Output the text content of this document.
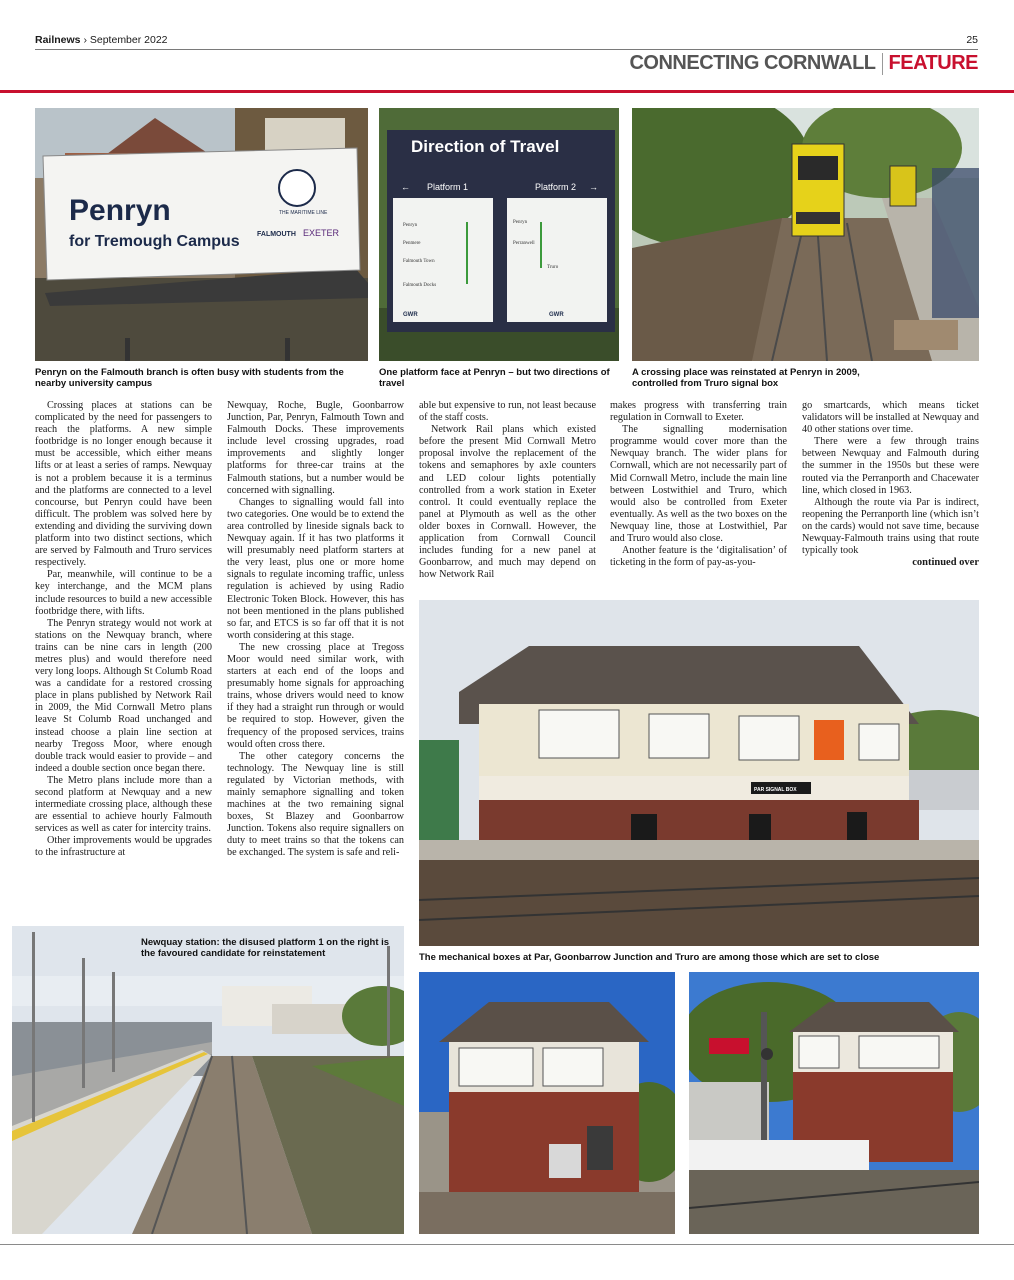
Railnews › September 2022	25
CONNECTING CORNWALL FEATURE
Penryn
for Tremough Campus
THE MARITIME LINE
FALMOUTH EXETER
Penryn on the Falmouth branch is often busy with students from the nearby university campus
Direction of Travel
← Platform 1	Platform 2 →
Penryn
Penmere
Falmouth Town
Falmouth Docks
Penryn
Perranwell
Truro
GWR	GWR
One platform face at Penryn – but two directions of travel
A crossing place was reinstated at Penryn in 2009, controlled from Truro signal box

Crossing places at stations can be complicated by the need for passengers to reach the platforms. A new simple footbridge is no longer enough because it must be accessible, which either means lifts or at least a series of ramps. Newquay is not a problem because it is a terminus and the platforms are connected to a level concourse, but Penryn could have been difficult. The problem was solved here by extending and dividing the surviving down platform into two distinct sections, which are served by Falmouth and Truro services respectively.

Par, meanwhile, will continue to be a key interchange, and the MCM plans include resources to build a new accessible footbridge there, with lifts.

The Penryn strategy would not work at stations on the Newquay branch, where trains can be nine cars in length (200 metres plus) and would therefore need very long loops. Although St Columb Road was a candidate for a restored crossing place in plans published by Network Rail in 2009, the Mid Cornwall Metro plans leave St Columb Road unchanged and instead choose a plain line section at nearby Tregoss Moor, where enough double track would easier to provide – and indeed a double section once began there.

The Metro plans include more than a second platform at Newquay and a new intermediate crossing place, although these are essential to achieve hourly Falmouth services as well as cater for intercity trains.

Other improvements would be upgrades to the infrastructure at

Newquay, Roche, Bugle, Goonbarrow Junction, Par, Penryn, Falmouth Town and Falmouth Docks. These improvements include level crossing upgrades, road improvements and slightly longer platforms for three-car trains at the Falmouth stations, but a number would be concerned with signalling.

Changes to signalling would fall into two categories. One would be to extend the area controlled by lineside signals back to Newquay again. If it has two platforms it will presumably need platform starters at the very least, plus one or more home signals to regulate incoming traffic, unless regulation is achieved by using Radio Electronic Token Block. However, this has not been mentioned in the plans published so far, and ETCS is so far off that it is not worth considering at this stage.

The new crossing place at Tregoss Moor would need similar work, with starters at each end of the loops and presumably home signals for approaching trains, whose drivers would need to know if they had a straight run through or would be required to stop. However, given the frequency of the proposed services, trains would often cross there.

The other category concerns the technology. The Newquay line is still regulated by Victorian methods, with mainly semaphore signalling and token machines at the two remaining signal boxes, St Blazey and Goonbarrow Junction. Tokens also require signallers on duty to meet trains so that the tokens can be exchanged. The system is safe and reli-

able but expensive to run, not least because of the staff costs.

Network Rail plans which existed before the present Mid Cornwall Metro proposal involve the replacement of the tokens and semaphores by axle counters and LED colour lights potentially controlled from a work station in Exeter control. It could eventually replace the panel at Plymouth as well as the other older boxes in Cornwall. However, the application from Cornwall Council includes funding for a new panel at Goonbarrow, and much may depend on how Network Rail

makes progress with transferring train regulation in Cornwall to Exeter.

The signalling modernisation programme would cover more than the Newquay branch. The wider plans for Cornwall, which are not necessarily part of Mid Cornwall Metro, include the main line between Lostwithiel and Truro, which would also be controlled from Exeter eventually. As well as the two boxes on the Newquay line, those at Lostwithiel, Par and Truro would also close.

Another feature is the ‘digitalisation’ of ticketing in the form of pay-as-you-

go smartcards, which means ticket validators will be installed at Newquay and 40 other stations over time.

There were a few through trains between Newquay and Falmouth during the summer in the 1950s but these were routed via the Perranporth and Chacewater line, which closed in 1963.

Although the route via Par is indirect, reopening the Perranporth line (which isn’t on the cards) would not save time, because Newquay-Falmouth trains using that route typically took

continued over

PAR SIGNAL BOX
The mechanical boxes at Par, Goonbarrow Junction and Truro are among those which are set to close
Newquay station: the disused platform 1 on the right is the favoured candidate for reinstatement
